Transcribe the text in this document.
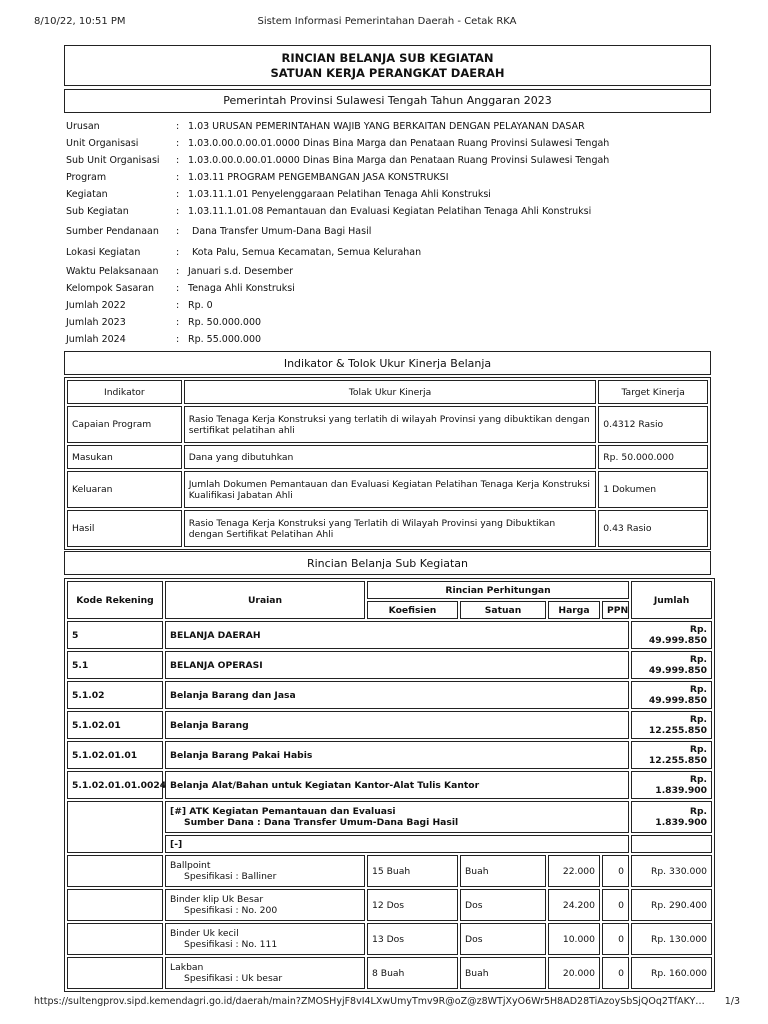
8/10/22, 10:51 PM	Sistem Informasi Pemerintahan Daerah - Cetak RKA
RINCIAN BELANJA SUB KEGIATAN
SATUAN KERJA PERANGKAT DAERAH
Pemerintah Provinsi Sulawesi Tengah Tahun Anggaran 2023
Urusan	: 1.03 URUSAN PEMERINTAHAN WAJIB YANG BERKAITAN DENGAN PELAYANAN DASAR
Unit Organisasi	: 1.03.0.00.0.00.01.0000 Dinas Bina Marga dan Penataan Ruang Provinsi Sulawesi Tengah
Sub Unit Organisasi : 1.03.0.00.0.00.01.0000 Dinas Bina Marga dan Penataan Ruang Provinsi Sulawesi Tengah
Program	: 1.03.11 PROGRAM PENGEMBANGAN JASA KONSTRUKSI
Kegiatan	: 1.03.11.1.01 Penyelenggaraan Pelatihan Tenaga Ahli Konstruksi
Sub Kegiatan	: 1.03.11.1.01.08 Pemantauan dan Evaluasi Kegiatan Pelatihan Tenaga Ahli Konstruksi
Sumber Pendanaan : Dana Transfer Umum-Dana Bagi Hasil
Lokasi Kegiatan	: Kota Palu, Semua Kecamatan, Semua Kelurahan
Waktu Pelaksanaan : Januari s.d. Desember
Kelompok Sasaran : Tenaga Ahli Konstruksi
Jumlah 2022	: Rp. 0
Jumlah 2023	: Rp. 50.000.000
Jumlah 2024	: Rp. 55.000.000
Indikator & Tolok Ukur Kinerja Belanja
Indikator	Tolak Ukur Kinerja	Target Kinerja
Capaian Program	Rasio Tenaga Kerja Konstruksi yang terlatih di wilayah Provinsi yang dibuktikan dengan sertifikat pelatihan ahli	0.4312 Rasio
Masukan	Dana yang dibutuhkan	Rp. 50.000.000
Keluaran	Jumlah Dokumen Pemantauan dan Evaluasi Kegiatan Pelatihan Tenaga Kerja Konstruksi Kualifikasi Jabatan Ahli	1 Dokumen
Hasil	Rasio Tenaga Kerja Konstruksi yang Terlatih di Wilayah Provinsi yang Dibuktikan dengan Sertifikat Pelatihan Ahli	0.43 Rasio
Rincian Belanja Sub Kegiatan
Kode Rekening	Uraian	Rincian Perhitungan				Jumlah
		Koefisien	Satuan	Harga	PPN	
5	BELANJA DAERAH					Rp. 49.999.850
5.1	BELANJA OPERASI					Rp. 49.999.850
5.1.02	Belanja Barang dan Jasa					Rp. 49.999.850
5.1.02.01	Belanja Barang					Rp. 12.255.850
5.1.02.01.01	Belanja Barang Pakai Habis					Rp. 12.255.850
5.1.02.01.01.0024	Belanja Alat/Bahan untuk Kegiatan Kantor-Alat Tulis Kantor					Rp. 1.839.900

	[#] ATK Kegiatan Pemantauan dan Evaluasi
Sumber Dana : Dana Transfer Umum-Dana Bagi Hasil					Rp. 1.839.900
	[-]					

	Ballpoint
Spesifikasi : Balliner	15 Buah	Buah	22.000	0	Rp. 330.000

	Binder klip Uk Besar
Spesifikasi : No. 200	12 Dos	Dos	24.200	0	Rp. 290.400

	Binder Uk kecil
Spesifikasi : No. 111	13 Dos	Dos	10.000	0	Rp. 130.000

	Lakban
Spesifikasi : Uk besar	8 Buah	Buah	20.000	0	Rp. 160.000
https://sultengprov.sipd.kemendagri.go.id/daerah/main?ZMOSHyjF8vI4LXwUmyTmv9R@oZ@z8WTjXyO6Wr5H8AD28TiAzoySbSjQOq2TfAKY… 1/3
